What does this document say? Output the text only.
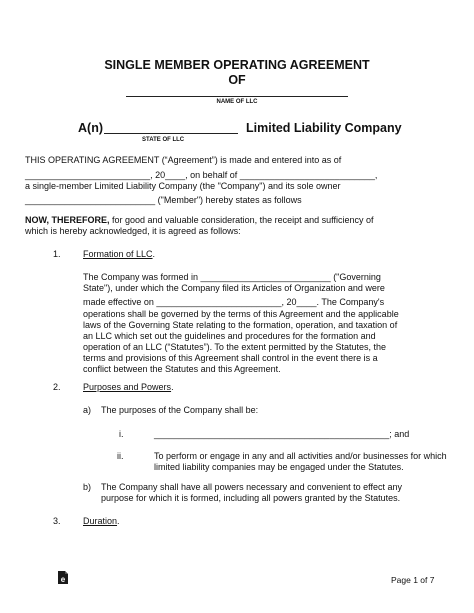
SINGLE MEMBER OPERATING AGREEMENT
OF
NAME OF LLC
A(n)	Limited Liability Company
STATE OF LLC
THIS OPERATING AGREEMENT (“Agreement”) is made and entered into as of
_________________________, 20____, on behalf of ___________________________,
a single-member Limited Liability Company (the "Company") and its sole owner
__________________________ ("Member") hereby states as follows
NOW, THEREFORE, for good and valuable consideration, the receipt and sufficiency of
which is hereby acknowledged, it is agreed as follows:
1. Formation of LLC.
The Company was formed in __________________________ ("Governing
State"), under which the Company filed its Articles of Organization and were
made effective on _________________________, 20____. The Company's
operations shall be governed by the terms of this Agreement and the applicable
laws of the Governing State relating to the formation, operation, and taxation of
an LLC which set out the guidelines and procedures for the formation and
operation of an LLC (“Statutes”). To the extent permitted by the Statutes, the
terms and provisions of this Agreement shall control in the event there is a
conflict between the Statutes and this Agreement.
2. Purposes and Powers.
a) The purposes of the Company shall be:
i.	_______________________________________________; and
ii.	To perform or engage in any and all activities and/or businesses for which
limited liability companies may be engaged under the Statutes.
b) The Company shall have all powers necessary and convenient to effect any
purpose for which it is formed, including all powers granted by the Statutes.
3. Duration.
e	Page 1 of 7
